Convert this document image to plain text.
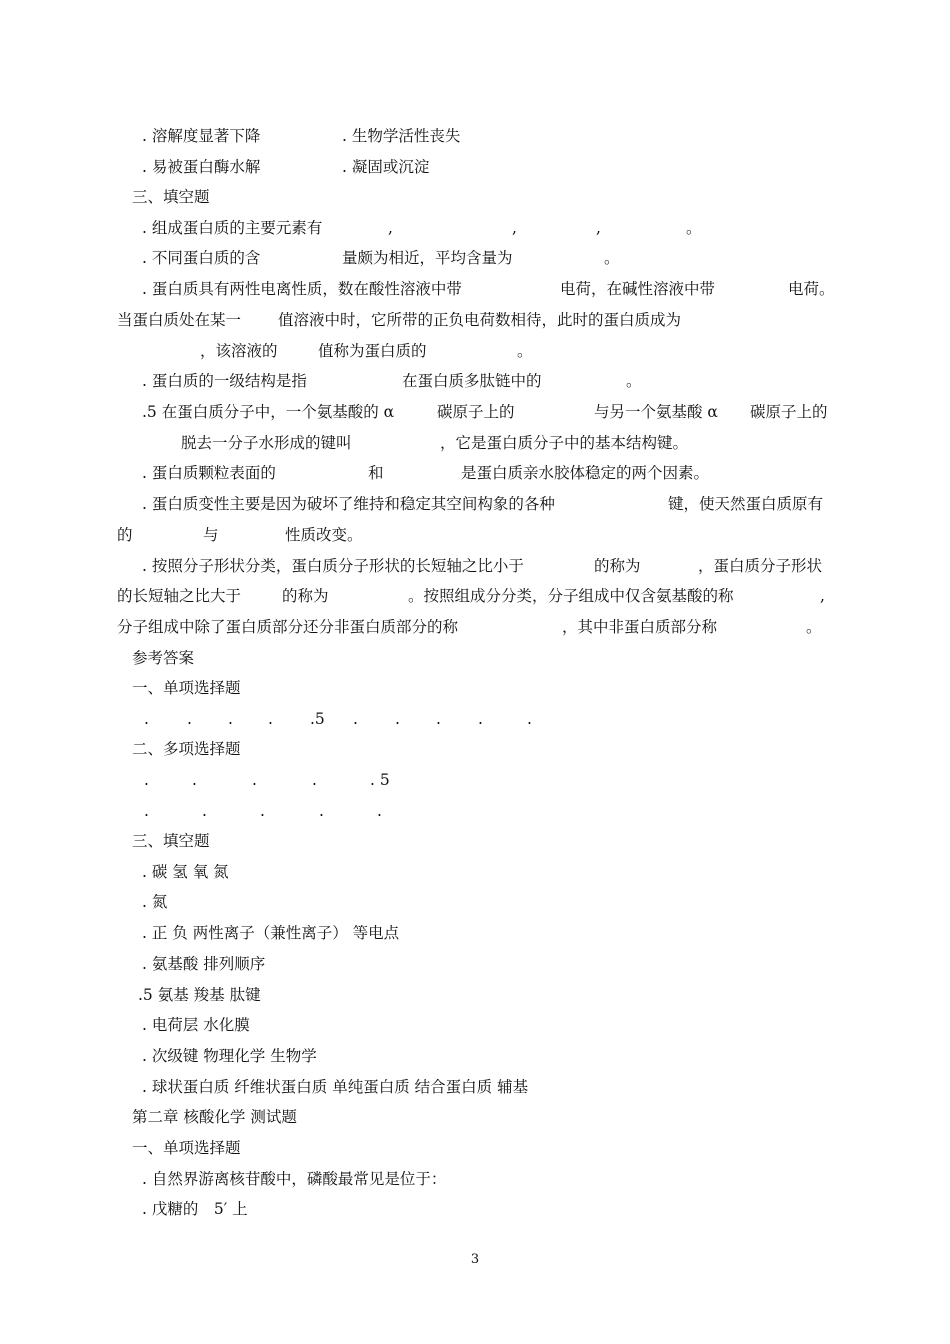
. 溶解度显著下降	. 生物学活性丧失
. 易被蛋白酶水解	. 凝固或沉淀
三、填空题
. 组成蛋白质的主要元素有	,	,	,	。
. 不同蛋白质的含	量颇为相近，平均含量为	。
. 蛋白质具有两性电离性质，数在酸性溶液中带	电荷，在碱性溶液中带	电荷。
当蛋白质处在某一 值溶液中时，它所带的正负电荷数相待，此时的蛋白质成为
，该溶液的	值称为蛋白质的	。
. 蛋白质的一级结构是指	在蛋白质多肽链中的	。
.5 在蛋白质分子中，一个氨基酸的 α	碳原子上的	与另一个氨基酸 α 碳原子上的
脱去一分子水形成的键叫	，它是蛋白质分子中的基本结构键。
. 蛋白质颗粒表面的	和	是蛋白质亲水胶体稳定的两个因素。
. 蛋白质变性主要是因为破坏了维持和稳定其空间构象的各种	键，使天然蛋白质原有
的	与	性质改变。
. 按照分子形状分类，蛋白质分子形状的长短轴之比小于	的称为	，蛋白质分子形状
的长短轴之比大于	的称为	。按照组成分分类，分子组成中仅含氨基酸的称	,
分子组成中除了蛋白质部分还分非蛋白质部分的称	，其中非蛋白质部分称	。
参考答案
一、单项选择题
. . . . .5 . . . .	.
二、多项选择题
.	.	.	.	. 5
.	.	.	.	.
三、填空题
. 碳 氢 氧 氮
. 氮
. 正 负 两性离子（兼性离子） 等电点
. 氨基酸 排列顺序
.5 氨基 羧基 肽键
. 电荷层 水化膜
. 次级键 物理化学 生物学
. 球状蛋白质 纤维状蛋白质 单纯蛋白质 结合蛋白质 辅基
第二章 核酸化学 测试题
一、单项选择题
. 自然界游离核苷酸中，磷酸最常见是位于：
. 戊糖的　5′ 上
3
